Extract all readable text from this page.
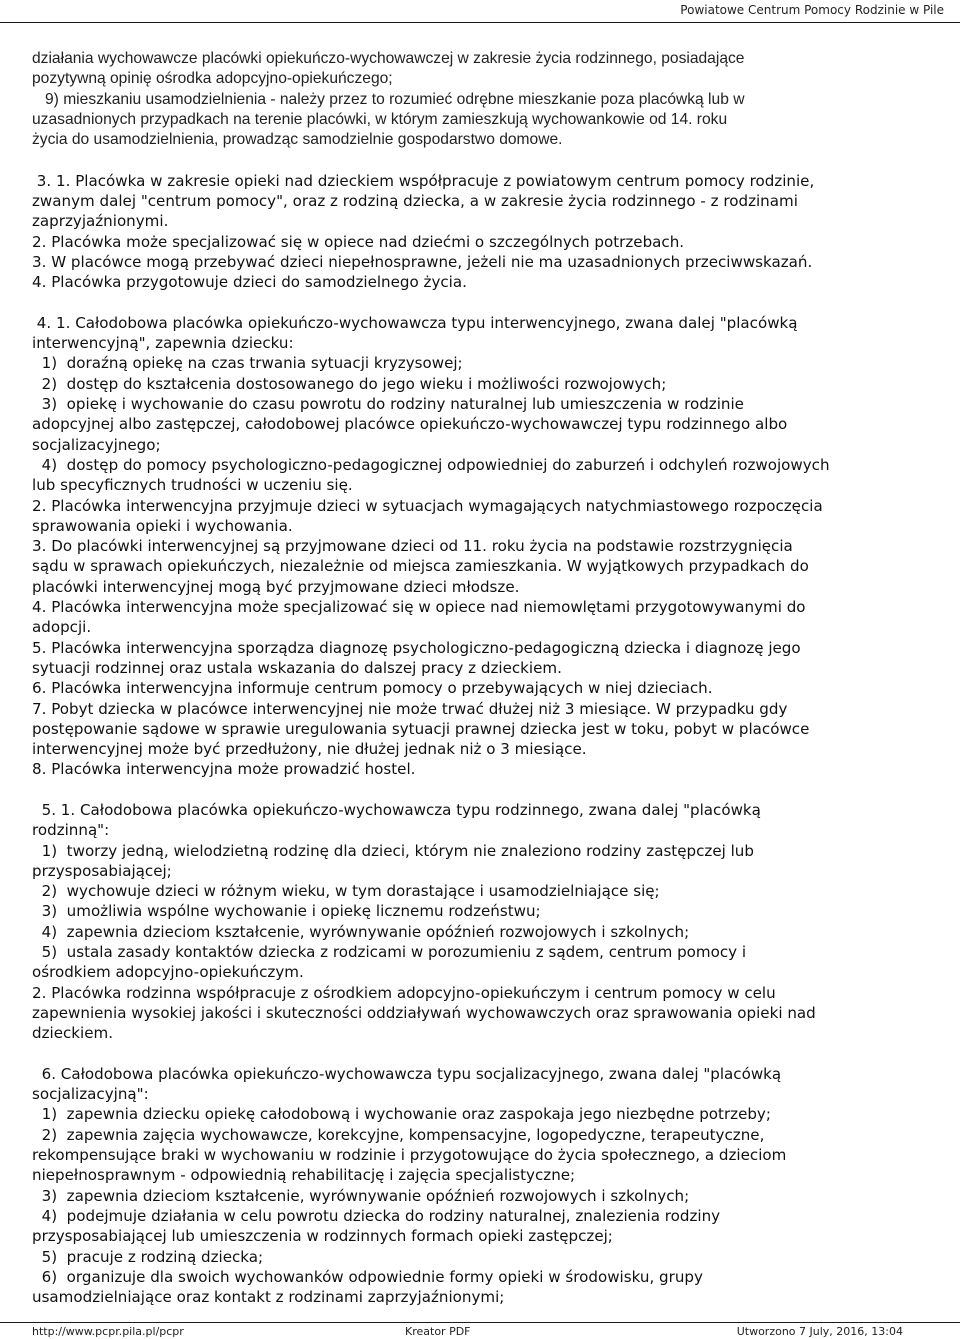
Powiatowe Centrum Pomocy Rodzinie w Pile
działania wychowawcze placówki opiekuńczo-wychowawczej w zakresie życia rodzinnego, posiadające
pozytywną opinię ośrodka adopcyjno-opiekuńczego;
9) mieszkaniu usamodzielnienia - należy przez to rozumieć odrębne mieszkanie poza placówką lub w
uzasadnionych przypadkach na terenie placówki, w którym zamieszkują wychowankowie od 14. roku
życia do usamodzielnienia, prowadząc samodzielnie gospodarstwo domowe.
3. 1. Placówka w zakresie opieki nad dzieckiem współpracuje z powiatowym centrum pomocy rodzinie,
zwanym dalej "centrum pomocy", oraz z rodziną dziecka, a w zakresie życia rodzinnego - z rodzinami
zaprzyjaźnionymi.
2. Placówka może specjalizować się w opiece nad dziećmi o szczególnych potrzebach.
3. W placówce mogą przebywać dzieci niepełnosprawne, jeżeli nie ma uzasadnionych przeciwwskazań.
4. Placówka przygotowuje dzieci do samodzielnego życia.
4. 1. Całodobowa placówka opiekuńczo-wychowawcza typu interwencyjnego, zwana dalej "placówką
interwencyjną", zapewnia dziecku:
1)  doraźną opiekę na czas trwania sytuacji kryzysowej;
2)  dostęp do kształcenia dostosowanego do jego wieku i możliwości rozwojowych;
3)  opiekę i wychowanie do czasu powrotu do rodziny naturalnej lub umieszczenia w rodzinie
adopcyjnej albo zastępczej, całodobowej placówce opiekuńczo-wychowawczej typu rodzinnego albo
socjalizacyjnego;
4)  dostęp do pomocy psychologiczno-pedagogicznej odpowiedniej do zaburzeń i odchyleń rozwojowych
lub specyficznych trudności w uczeniu się.
2. Placówka interwencyjna przyjmuje dzieci w sytuacjach wymagających natychmiastowego rozpoczęcia
sprawowania opieki i wychowania.
3. Do placówki interwencyjnej są przyjmowane dzieci od 11. roku życia na podstawie rozstrzygnięcia
sądu w sprawach opiekuńczych, niezależnie od miejsca zamieszkania. W wyjątkowych przypadkach do
placówki interwencyjnej mogą być przyjmowane dzieci młodsze.
4. Placówka interwencyjna może specjalizować się w opiece nad niemowlętami przygotowywanymi do
adopcji.
5. Placówka interwencyjna sporządza diagnozę psychologiczno-pedagogiczną dziecka i diagnozę jego
sytuacji rodzinnej oraz ustala wskazania do dalszej pracy z dzieckiem.
6. Placówka interwencyjna informuje centrum pomocy o przebywających w niej dzieciach.
7. Pobyt dziecka w placówce interwencyjnej nie może trwać dłużej niż 3 miesiące. W przypadku gdy
postępowanie sądowe w sprawie uregulowania sytuacji prawnej dziecka jest w toku, pobyt w placówce
interwencyjnej może być przedłużony, nie dłużej jednak niż o 3 miesiące.
8. Placówka interwencyjna może prowadzić hostel.
5. 1. Całodobowa placówka opiekuńczo-wychowawcza typu rodzinnego, zwana dalej "placówką
rodzinną":
1)  tworzy jedną, wielodzietną rodzinę dla dzieci, którym nie znaleziono rodziny zastępczej lub
przysposabiającej;
2)  wychowuje dzieci w różnym wieku, w tym dorastające i usamodzielniające się;
3)  umożliwia wspólne wychowanie i opiekę licznemu rodzeństwu;
4)  zapewnia dzieciom kształcenie, wyrównywanie opóźnień rozwojowych i szkolnych;
5)  ustala zasady kontaktów dziecka z rodzicami w porozumieniu z sądem, centrum pomocy i
ośrodkiem adopcyjno-opiekuńczym.
2. Placówka rodzinna współpracuje z ośrodkiem adopcyjno-opiekuńczym i centrum pomocy w celu
zapewnienia wysokiej jakości i skuteczności oddziaływań wychowawczych oraz sprawowania opieki nad
dzieckiem.
6. Całodobowa placówka opiekuńczo-wychowawcza typu socjalizacyjnego, zwana dalej "placówką
socjalizacyjną":
1)  zapewnia dziecku opiekę całodobową i wychowanie oraz zaspokaja jego niezbędne potrzeby;
2)  zapewnia zajęcia wychowawcze, korekcyjne, kompensacyjne, logopedyczne, terapeutyczne,
rekompensujące braki w wychowaniu w rodzinie i przygotowujące do życia społecznego, a dzieciom
niepełnosprawnym - odpowiednią rehabilitację i zajęcia specjalistyczne;
3)  zapewnia dzieciom kształcenie, wyrównywanie opóźnień rozwojowych i szkolnych;
4)  podejmuje działania w celu powrotu dziecka do rodziny naturalnej, znalezienia rodziny
przysposabiającej lub umieszczenia w rodzinnych formach opieki zastępczej;
5)  pracuje z rodziną dziecka;
6)  organizuje dla swoich wychowanków odpowiednie formy opieki w środowisku, grupy
usamodzielniające oraz kontakt z rodzinami zaprzyjaźnionymi;
http://www.pcpr.pila.pl/pcpr	Kreator PDF	Utworzono 7 July, 2016, 13:04
